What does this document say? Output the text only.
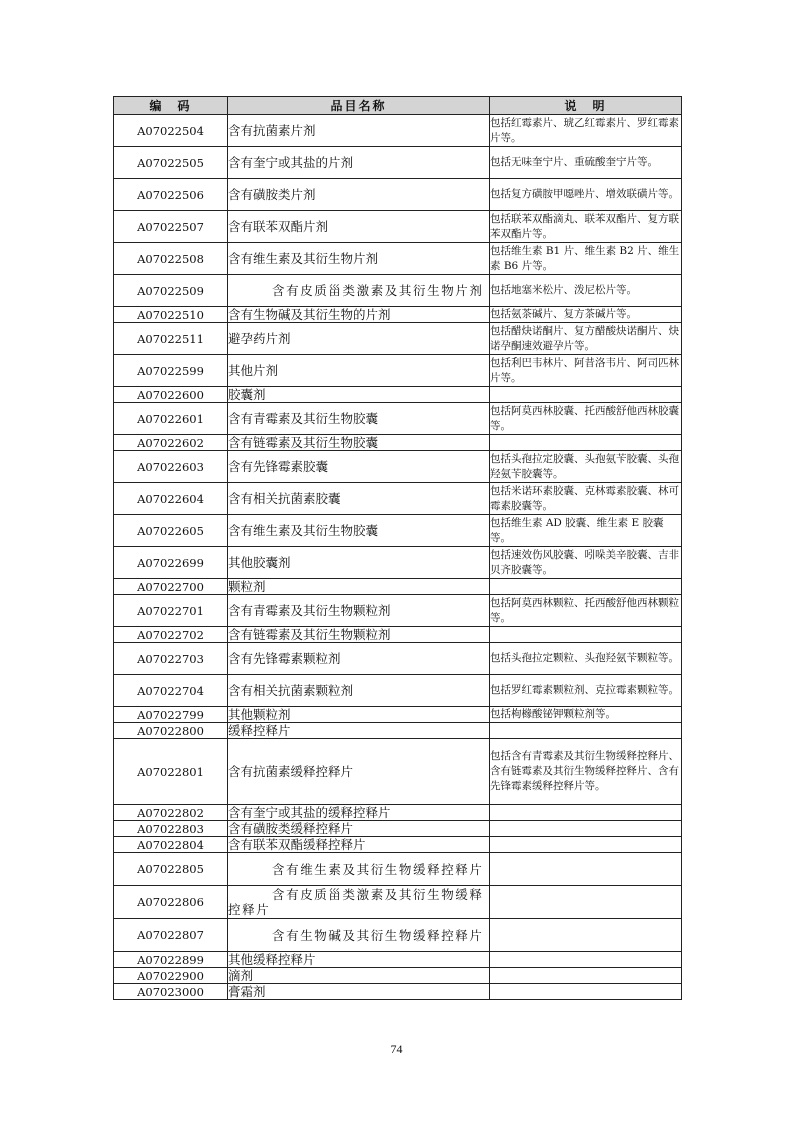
编　码	品目名称	说　明
A07022504	含有抗菌素片剂	包括红霉素片、琥乙红霉素片、罗红霉素片等。
A07022505	含有奎宁或其盐的片剂	包括无味奎宁片、重硫酸奎宁片等。
A07022506	含有磺胺类片剂	包括复方磺胺甲噁唑片、增效联磺片等。
A07022507	含有联苯双酯片剂	包括联苯双酯滴丸、联苯双酯片、复方联苯双酯片等。
A07022508	含有维生素及其衍生物片剂	包括维生素 B1 片、维生素 B2 片、维生素 B6 片等。
A07022509	含有皮质甾类激素及其衍生物片剂	包括地塞米松片、泼尼松片等。
A07022510	含有生物碱及其衍生物的片剂	包括氨茶碱片、复方茶碱片等。
A07022511	避孕药片剂	包括醋炔诺酮片、复方醋酸炔诺酮片、炔诺孕酮速效避孕片等。
A07022599	其他片剂	包括利巴韦林片、阿昔洛韦片、阿司匹林片等。
A07022600	胶囊剂	
A07022601	含有青霉素及其衍生物胶囊	包括阿莫西林胶囊、托西酸舒他西林胶囊等。
A07022602	含有链霉素及其衍生物胶囊	
A07022603	含有先锋霉素胶囊	包括头孢拉定胶囊、头孢氨苄胶囊、头孢羟氨苄胶囊等。
A07022604	含有相关抗菌素胶囊	包括米诺环素胶囊、克林霉素胶囊、林可霉素胶囊等。
A07022605	含有维生素及其衍生物胶囊	包括维生素 AD 胶囊、维生素 E 胶囊等。
A07022699	其他胶囊剂	包括速效伤风胶囊、吲哚美辛胶囊、吉非贝齐胶囊等。
A07022700	颗粒剂	
A07022701	含有青霉素及其衍生物颗粒剂	包括阿莫西林颗粒、托西酸舒他西林颗粒等。
A07022702	含有链霉素及其衍生物颗粒剂	
A07022703	含有先锋霉素颗粒剂	包括头孢拉定颗粒、头孢羟氨苄颗粒等。
A07022704	含有相关抗菌素颗粒剂	包括罗红霉素颗粒剂、克拉霉素颗粒等。
A07022799	其他颗粒剂	包括枸橼酸铋钾颗粒剂等。
A07022800	缓释控释片	
A07022801	含有抗菌素缓释控释片	包括含有青霉素及其衍生物缓释控释片、含有链霉素及其衍生物缓释控释片、含有先锋霉素缓释控释片等。
A07022802	含有奎宁或其盐的缓释控释片	
A07022803	含有磺胺类缓释控释片	
A07022804	含有联苯双酯缓释控释片	
A07022805	含有维生素及其衍生物缓释控释片	
A07022806	含有皮质甾类激素及其衍生物缓释控释片	
A07022807	含有生物碱及其衍生物缓释控释片	
A07022899	其他缓释控释片	
A07022900	滴剂	
A07023000	膏霜剂	
74
